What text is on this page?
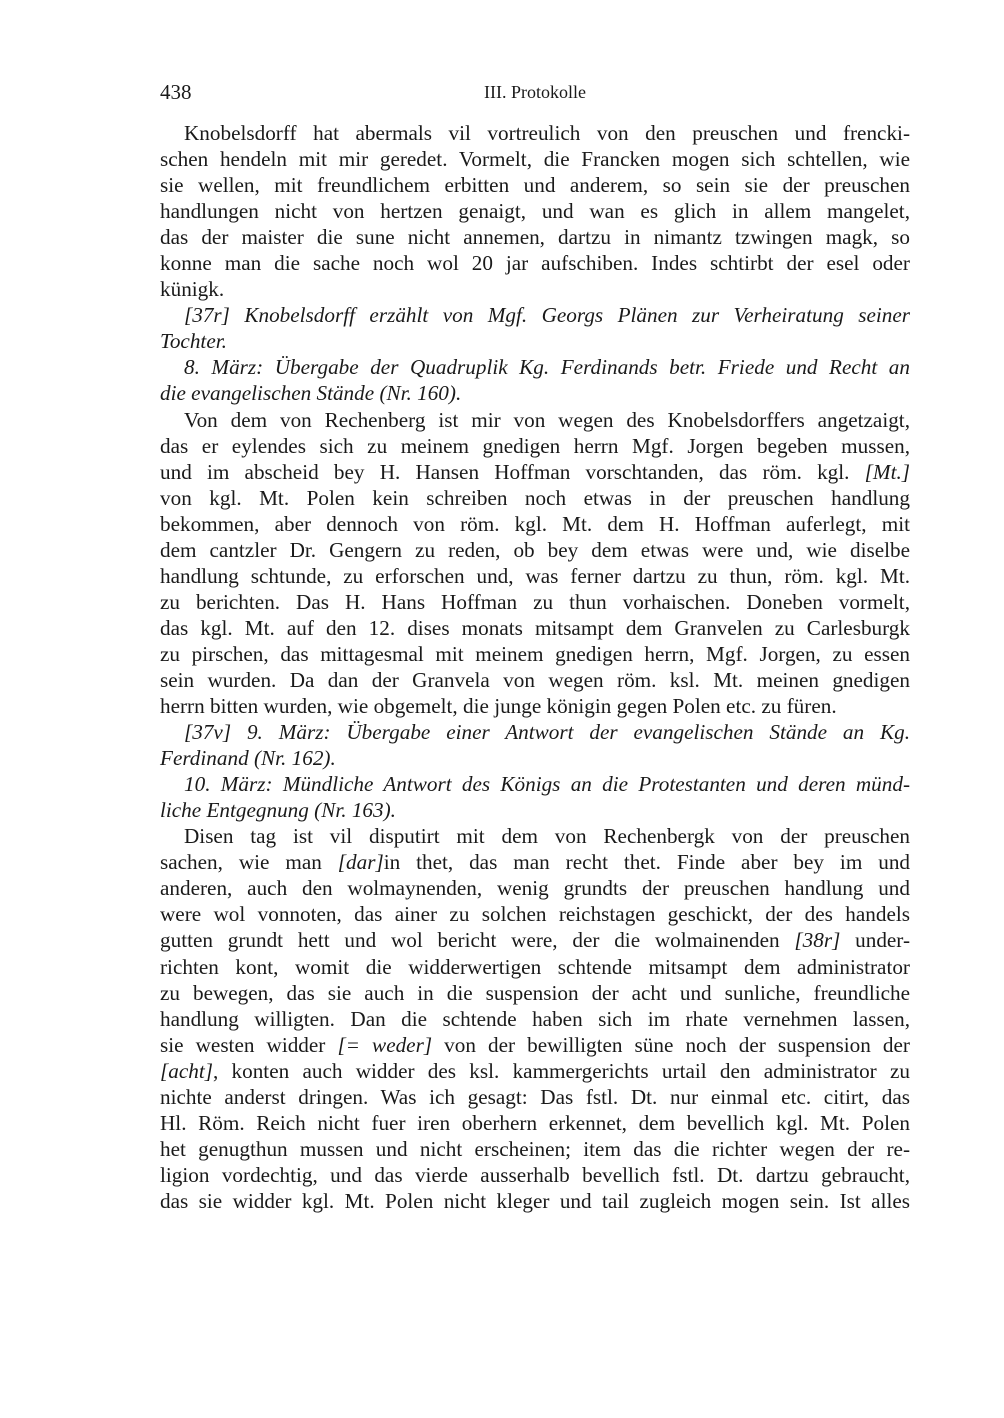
438	III. Protokolle
Knobelsdorff hat abermals vil vortreulich von den preuschen und frencki-
schen hendeln mit mir geredet. Vormelt, die Francken mogen sich schtellen, wie
sie wellen, mit freundlichem erbitten und anderem, so sein sie der preuschen
handlungen nicht von hertzen genaigt, und wan es glich in allem mangelet,
das der maister die sune nicht annemen, dartzu in nimantz tzwingen magk, so
konne man die sache noch wol 20 jar aufschiben. Indes schtirbt der esel oder
künigk.
[37r] Knobelsdorff erzählt von Mgf. Georgs Plänen zur Verheiratung seiner
Tochter.
8. März: Übergabe der Quadruplik Kg. Ferdinands betr. Friede und Recht an
die evangelischen Stände (Nr. 160).
Von dem von Rechenberg ist mir von wegen des Knobelsdorffers angetzaigt,
das er eylendes sich zu meinem gnedigen herrn Mgf. Jorgen begeben mussen,
und im abscheid bey H. Hansen Hoffman vorschtanden, das röm. kgl. [Mt.]
von kgl. Mt. Polen kein schreiben noch etwas in der preuschen handlung
bekommen, aber dennoch von röm. kgl. Mt. dem H. Hoffman auferlegt, mit
dem cantzler Dr. Gengern zu reden, ob bey dem etwas were und, wie diselbe
handlung schtunde, zu erforschen und, was ferner dartzu zu thun, röm. kgl. Mt.
zu berichten. Das H. Hans Hoffman zu thun vorhaischen. Doneben vormelt,
das kgl. Mt. auf den 12. dises monats mitsampt dem Granvelen zu Carlesburgk
zu pirschen, das mittagesmal mit meinem gnedigen herrn, Mgf. Jorgen, zu essen
sein wurden. Da dan der Granvela von wegen röm. ksl. Mt. meinen gnedigen
herrn bitten wurden, wie obgemelt, die junge königin gegen Polen etc. zu füren.
[37v] 9. März: Übergabe einer Antwort der evangelischen Stände an Kg.
Ferdinand (Nr. 162).
10. März: Mündliche Antwort des Königs an die Protestanten und deren münd-
liche Entgegnung (Nr. 163).
Disen tag ist vil disputirt mit dem von Rechenbergk von der preuschen
sachen, wie man [dar]in thet, das man recht thet. Finde aber bey im und
anderen, auch den wolmaynenden, wenig grundts der preuschen handlung und
were wol vonnoten, das ainer zu solchen reichstagen geschickt, der des handels
gutten grundt hett und wol bericht were, der die wolmainenden [38r] under-
richten kont, womit die widderwertigen schtende mitsampt dem administrator
zu bewegen, das sie auch in die suspension der acht und sunliche, freundliche
handlung willigten. Dan die schtende haben sich im rhate vernehmen lassen,
sie westen widder [= weder] von der bewilligten süne noch der suspension der
[acht], konten auch widder des ksl. kammergerichts urtail den administrator zu
nichte anderst dringen. Was ich gesagt: Das fstl. Dt. nur einmal etc. citirt, das
Hl. Röm. Reich nicht fuer iren oberhern erkennet, dem bevellich kgl. Mt. Polen
het genugthun mussen und nicht erscheinen; item das die richter wegen der re-
ligion vordechtig, und das vierde ausserhalb bevellich fstl. Dt. dartzu gebraucht,
das sie widder kgl. Mt. Polen nicht kleger und tail zugleich mogen sein. Ist alles
